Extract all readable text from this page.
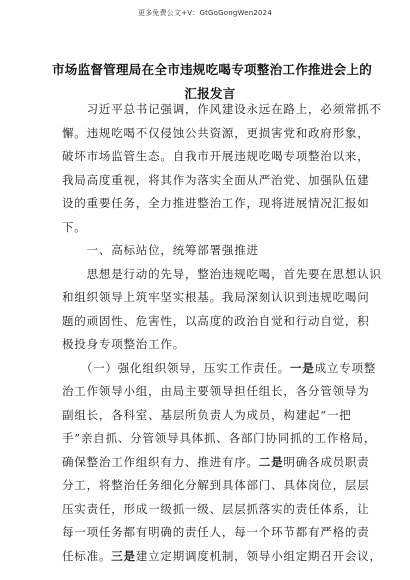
更多免费公文+V：GtGoGongWen2024
市场监督管理局在全市违规吃喝专项整治工作推进会上的
汇报发言
　　习近平总书记强调，作风建设永远在路上，必须常抓不
懈。违规吃喝不仅侵蚀公共资源，更损害党和政府形象，
破坏市场监管生态。自我市开展违规吃喝专项整治以来，
我局高度重视，将其作为落实全面从严治党、加强队伍建
设的重要任务，全力推进整治工作，现将进展情况汇报如
下。
　　一、高标站位，统筹部署强推进
　　思想是行动的先导，整治违规吃喝，首先要在思想认识
和组织领导上筑牢坚实根基。我局深刻认识到违规吃喝问
题的顽固性、危害性，以高度的政治自觉和行动自觉，积
极投身专项整治工作。
　　（一）强化组织领导，压实工作责任。一是成立专项整
治工作领导小组，由局主要领导担任组长，各分管领导为
副组长，各科室、基层所负责人为成员，构建起“一把
手”亲自抓、分管领导具体抓、各部门协同抓的工作格局，
确保整治工作组织有力、推进有序。二是明确各成员职责
分工，将整治任务细化分解到具体部门、具体岗位，层层
压实责任，形成一级抓一级、层层抓落实的责任体系，让
每一项任务都有明确的责任人，每一个环节都有严格的责
任标准。三是建立定期调度机制，领导小组定期召开会议，
